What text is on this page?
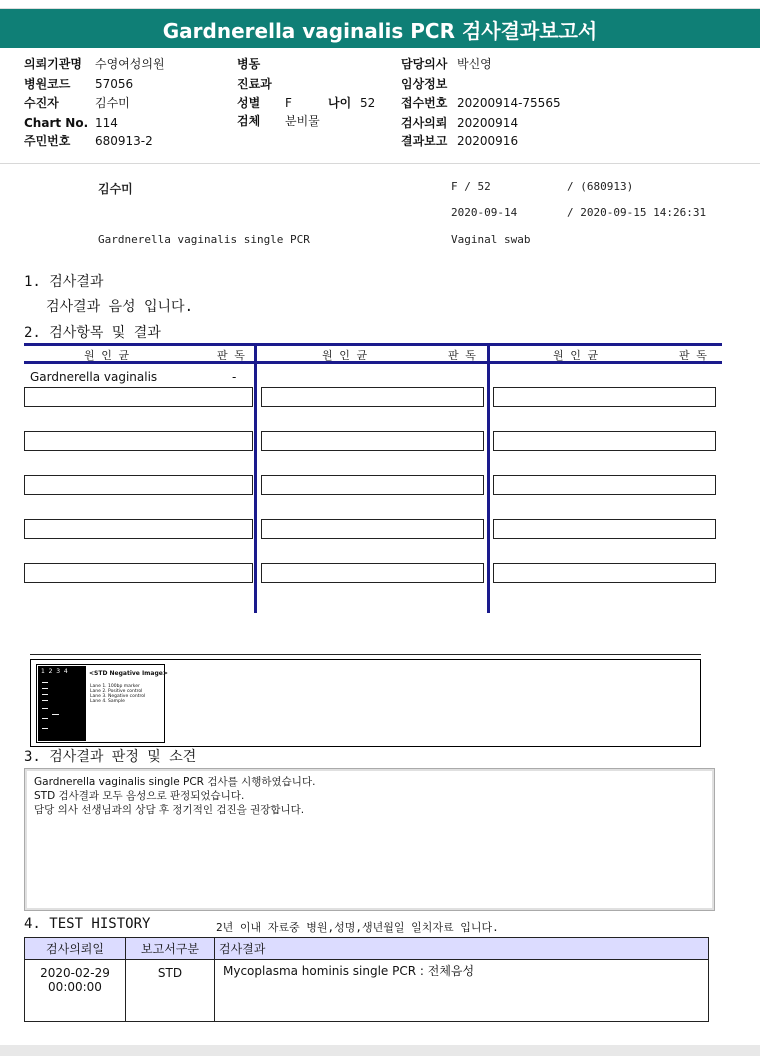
Gardnerella vaginalis PCR 검사결과보고서
의뢰기관명 수영여성의원
병원코드 57056
수진자	김수미
Chart No. 114
주민번호 680913-2
병동
진료과
성별 F	나이 52
검체 분비물
담당의사 박신영
임상정보
접수번호 20200914-75565
검사의뢰 20200914
결과보고 20200916
김수미	F / 52	/ (680913)
2020-09-14	/ 2020-09-15 14:26:31
Gardnerella vaginalis single PCR	Vaginal swab
1. 검사결과
검사결과 음성 입니다.
2. 검사항목 및 결과
원 인 균	판 독	원 인 균	판 독	원 인 균	판 독
Gardnerella vaginalis	-
1  2  3  4	<STD Negative Image>
Lane 1. 100bp marker
Lane 2. Positive control
Lane 3. Negative control
Lane 4. Sample
3. 검사결과 판정 및 소견
Gardnerella vaginalis single PCR 검사를 시행하였습니다.
STD 검사결과 모두 음성으로 판정되었습니다.
담당 의사 선생님과의 상담 후 정기적인 검진을 권장합니다.
4. TEST HISTORY	2년 이내 자료중 병원,성명,생년월일 일치자료 입니다.
검사의뢰일	보고서구분	검사결과

2020-02-29
00:00:00	STD	Mycoplasma hominis single PCR : 전체음성
